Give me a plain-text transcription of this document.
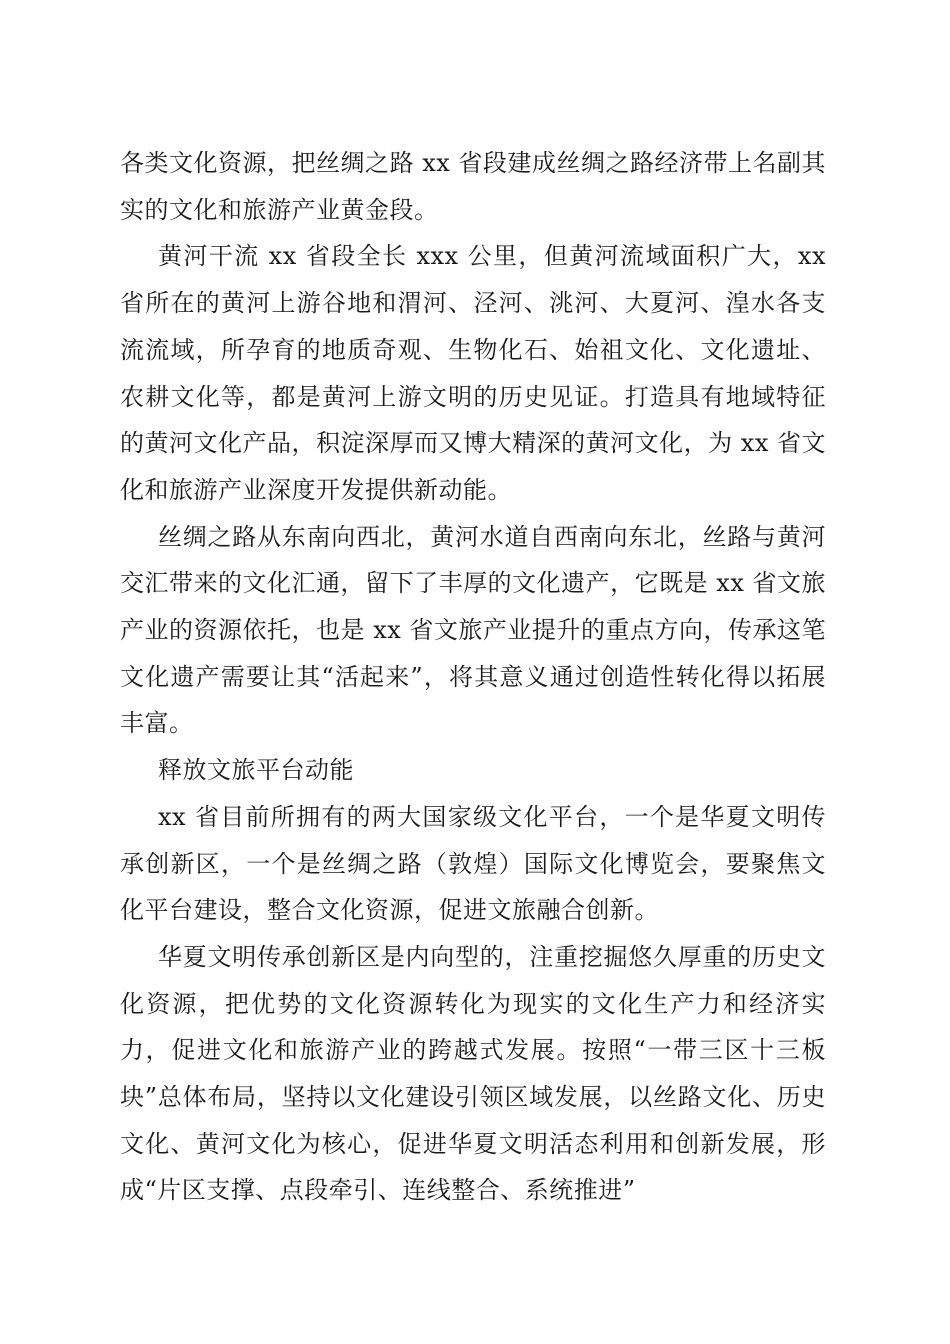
各类文化资源，把丝绸之路 xx 省段建成丝绸之路经济带上名副其实的文化和旅游产业黄金段。

黄河干流 xx 省段全长 xxx 公里，但黄河流域面积广大，xx 省所在的黄河上游谷地和渭河、泾河、洮河、大夏河、湟水各支流流域，所孕育的地质奇观、生物化石、始祖文化、文化遗址、农耕文化等，都是黄河上游文明的历史见证。打造具有地域特征的黄河文化产品，积淀深厚而又博大精深的黄河文化，为 xx 省文化和旅游产业深度开发提供新动能。

丝绸之路从东南向西北，黄河水道自西南向东北，丝路与黄河交汇带来的文化汇通，留下了丰厚的文化遗产，它既是 xx 省文旅产业的资源依托，也是 xx 省文旅产业提升的重点方向，传承这笔文化遗产需要让其“活起来”，将其意义通过创造性转化得以拓展丰富。

释放文旅平台动能

xx 省目前所拥有的两大国家级文化平台，一个是华夏文明传承创新区，一个是丝绸之路（敦煌）国际文化博览会，要聚焦文化平台建设，整合文化资源，促进文旅融合创新。

华夏文明传承创新区是内向型的，注重挖掘悠久厚重的历史文化资源，把优势的文化资源转化为现实的文化生产力和经济实力，促进文化和旅游产业的跨越式发展。按照“一带三区十三板块”总体布局，坚持以文化建设引领区域发展，以丝路文化、历史文化、黄河文化为核心，促进华夏文明活态利用和创新发展，形成“片区支撑、点段牵引、连线整合、系统推进”
